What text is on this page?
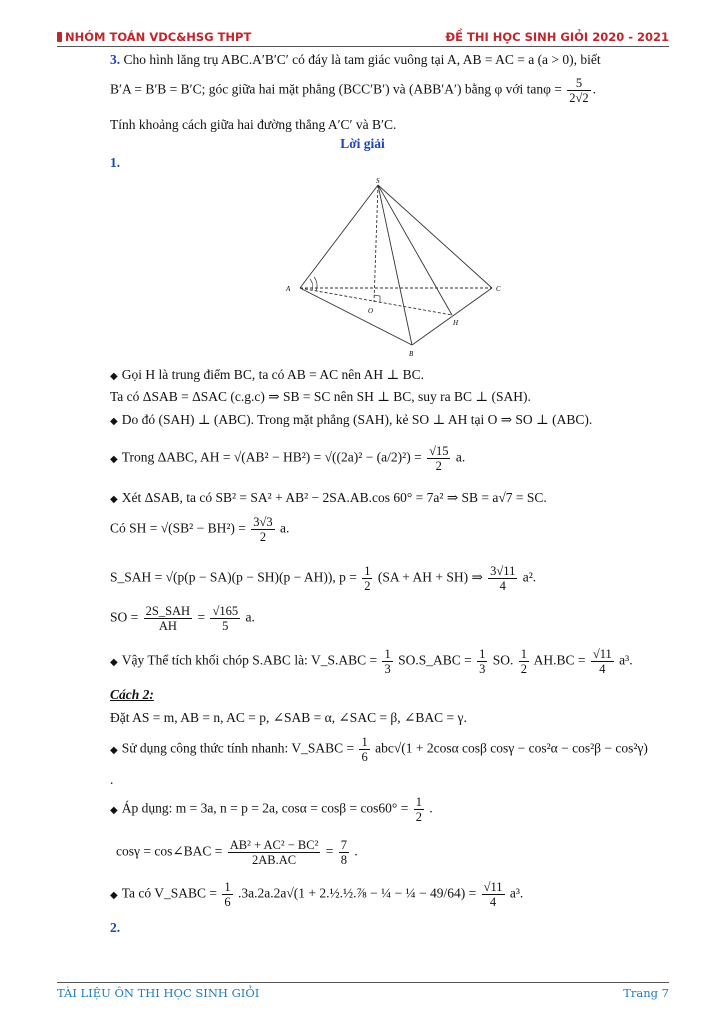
NHÓM TOÁN VDC&HSG THPT	ĐỀ THI HỌC SINH GIỎI 2020 - 2021
3. Cho hình lăng trụ ABC.A′B′C′ có đáy là tam giác vuông tại A, AB = AC = a (a > 0), biết
B′A = B′B = B′C; góc giữa hai mặt phẳng (BCC′B′) và (ABB′A′) bằng φ với $\tan\varphi = \frac{5}{2√2}$ .
Tính khoảng cách giữa hai đường thẳng A′C′ và B′C.
Lời giải
1.
S
A	C
B
O
H
◆ Gọi H là trung điểm BC, ta có AB = AC nên AH ⊥ BC.
Ta có ΔSAB = ΔSAC (c.g.c) ⇒ SB = SC nên SH ⊥ BC, suy ra BC ⊥ (SAH).
◆ Do đó (SAH) ⊥ (ABC). Trong mặt phẳng (SAH), kẻ SO ⊥ AH tại O ⇒ SO ⊥ (ABC).
◆ Trong ΔABC, AH = $√(AB^2 - HB^2) = √((2a)^2 - (a/2)^2) = \frac{√15}{2} a$.
◆ Xét ΔSAB, ta có SB² = SA² + AB² − 2SA.AB.cos 60° = 7a² ⇒ SB = a√7 = SC.
Có SH = $√(SB^2 - BH^2) = \frac{3√3}{2} a$.
S_SAH = √(p(p − SA)(p − SH)(p − AH)), $p = \frac{1}{2} (SA$ + AH + SH) ⇒ $\frac{3√11}{4} a^2$.
SO = $\frac{\text{2S\_SAH}}{AH} = \frac{√165}{5} a$.
◆ Vậy Thể tích khối chóp S.ABC là: V_S.ABC = $\frac{1}{3}$ SO.S_ABC = $\frac{1}{3}$ SO. $\frac{1}{2} AH.BC = \frac{√11}{4} a^3$.
Cách 2:
Đặt AS = m, AB = n, AC = p, ∠SAB = α, ∠SAC = β, ∠BAC = γ.
◆ Sử dụng công thức tính nhanh: V_SABC = $\frac{1}{6} abc√(1 + 2\cos\alpha$ cosβ cosγ − cos²α − cos²β − cos²γ)
.
◆ Áp dụng: m = 3a, n = p = 2a, $\cos\alpha = \cos\beta = \cos 60^\circ = \frac{1}{2}$ .
cosγ = cos∠BAC = $\frac{\text{AB² + AC² − BC²}}{2AB.AC} = \frac{7}{8}$ .
◆ Ta có V_SABC = $\frac{1}{6} .3a.2a.2a√(1$ + 2.½.½.⅞ − ¼ − ¼ − $49/64) = \frac{√11}{4} a^3$.
2.
TÀI LIỆU ÔN THI HỌC SINH GIỎI	Trang 7
